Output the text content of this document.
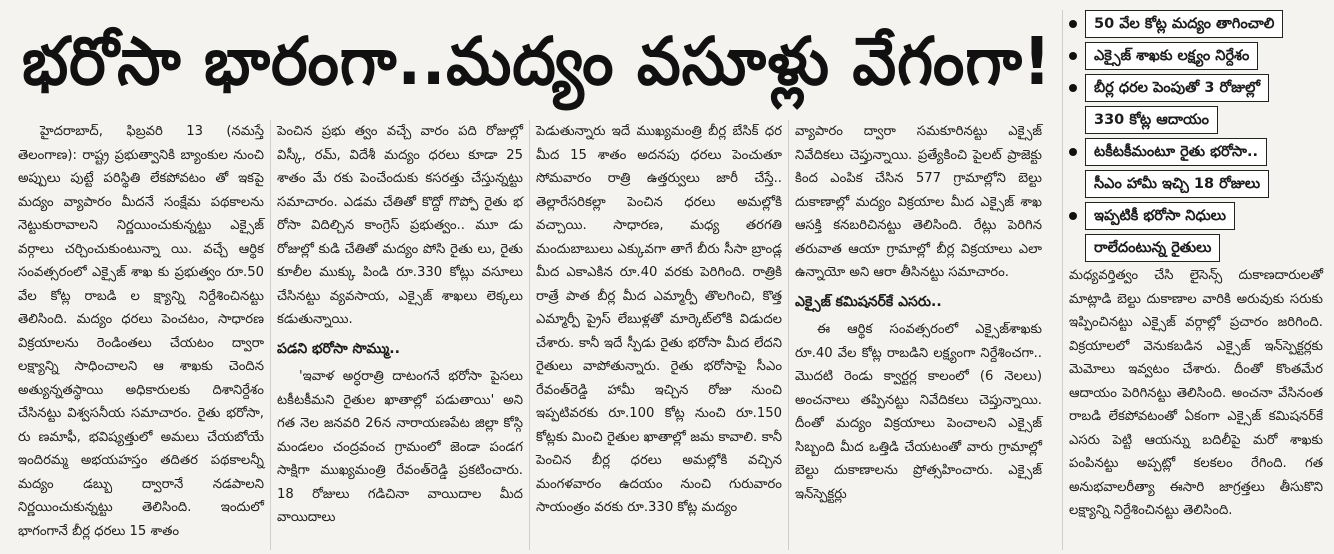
భరోసా భారంగా..మద్యం వసూళ్లు వేగంగా!

హైదరాబాద్, ఫిబ్రవరి 13 (నమస్తే తెలంగాణ): రాష్ట్ర ప్రభుత్వానికి బ్యాంకుల నుంచి అప్పులు పుట్టే పరిస్థితి లేకపోవటం తో ఇకపై మద్యం వ్యాపారం మీదనే సంక్షేమ పథకాలను నెట్టుకురావాలని నిర్ణయించుకున్నట్టు ఎక్సైజ్ వర్గాలు చర్చించుకుంటున్నా యి. వచ్చే ఆర్థిక సంవత్సరంలో ఎక్సైజ్ శాఖ కు ప్రభుత్వం రూ.50 వేల కోట్ల రాబడి ల క్ష్యాన్ని నిర్దేశించినట్టు తెలిసింది. మద్యం ధరలు పెంచటం, సాధారణ విక్రయాలను రెండింతలు చేయటం ద్వారా లక్ష్యాన్ని సాధించాలని ఆ శాఖకు చెందిన అత్యున్నతస్థాయి అధికారులకు దిశానిర్దేశం చేసినట్టు విశ్వసనీయ సమాచారం. రైతు భరోసా, రు ణమాఫీ, భవిష్యత్తులో అమలు చేయబోయే ఇందిరమ్మ అభయహస్తం తదితర పథకాలన్నీ మద్యం డబ్బు ద్వారానే నడపాలని నిర్ణయించుకున్నట్టు తెలిసింది. ఇందులో భాగంగానే బీర్ల ధరలు 15 శాతం

పెంచిన ప్రభు త్వం వచ్చే వారం పది రోజుల్లో విస్కీ, రమ్, విదేశీ మద్యం ధరలు కూడా 25 శాతం మే రకు పెంచేందుకు కసరత్తు చేస్తున్నట్టు సమాచారం. ఎడమ చేతితో కొద్దో గొప్పో రైతు భ రోసా విదిల్చిన కాంగ్రెస్ ప్రభుత్వం.. మూ డు రోజుల్లో కుడి చేతితో మద్యం పోసి రైతు లు, రైతు కూలీల ముక్కు పిండి రూ.330 కోట్లు వసూలు చేసినట్టు వ్యవసాయ, ఎక్సైజ్ శాఖలు లెక్కలు కడుతున్నాయి.

పడని భరోసా సొమ్ము..

'ఇవాళ అర్ధరాత్రి దాటంగనే భరోసా పైసలు టకీటకీమని రైతుల ఖాతాల్లో పడుతాయి' అని గత నెల జనవరి 26న నారాయణపేట జిల్లా కోస్గి మండలం చంద్రవంచ గ్రామంలో జెండా పండగ సాక్షిగా ముఖ్యమంత్రి రేవంత్‌రెడ్డి ప్రకటించారు. 18 రోజులు గడిచినా వాయిదాల మీద వాయిదాలు

పెడుతున్నారు ఇదే ముఖ్యమంత్రి బీర్ల బేసిక్ ధర మీద 15 శాతం అదనపు ధరలు పెంచుతూ సోమవారం రాత్రి ఉత్తర్వులు జారీ చేస్తే.. తెల్లారేసరికల్లా పెంచిన ధరలు అమల్లోకి వచ్చాయి. సాధారణ, మధ్య తరగతి మందుబాబులు ఎక్కువగా తాగే బీరు సీసా బ్రాండ్ల మీద ఎకాఎకిన రూ.40 వరకు పెరిగింది. రాత్రికి రాత్రే పాత బీర్ల మీద ఎమ్మార్పీ తొలగించి, కొత్త ఎమ్మార్పీ ప్రైస్ లేబుళ్లతో మార్కెట్‌లోకి విడుదల చేశారు. కానీ ఇదే స్పీడు రైతు భరోసా మీద లేదని రైతులు వాపోతున్నారు. రైతు భరోసాపై సీఎం రేవంత్‌రెడ్డి హామీ ఇచ్చిన రోజు నుంచి ఇప్పటివరకు రూ.100 కోట్ల నుంచి రూ.150 కోట్లకు మించి రైతుల ఖాతాల్లో జమ కావాలి. కానీ పెంచిన బీర్ల ధరలు అమల్లోకి వచ్చిన మంగళవారం ఉదయం నుంచి గురువారం సాయంత్రం వరకు రూ.330 కోట్ల మద్యం

వ్యాపారం ద్వారా సమకూరినట్టు ఎక్సైజ్ నివేదికలు చెప్తున్నాయి. ప్రత్యేకించి పైలట్ ప్రాజెక్టు కింద ఎంపిక చేసిన 577 గ్రామాల్లోని బెల్టు దుకాణాల్లో మద్యం విక్రయాల మీద ఎక్సైజ్ శాఖ ఆసక్తి కనబరిచినట్టు తెలిసింది. రేట్లు పెరిగిన తరువాత ఆయా గ్రామాల్లో బీర్ల విక్రయాలు ఎలా ఉన్నాయో అని ఆరా తీసినట్టు సమాచారం.

ఎక్సైజ్ కమిషనర్‌కే ఎసరు..

ఈ ఆర్థిక సంవత్సరంలో ఎక్సైజ్‌శాఖకు రూ.40 వేల కోట్ల రాబడిని లక్ష్యంగా నిర్దేశించగా.. మొదటి రెండు క్వార్టర్ల కాలంలో (6 నెలలు) అంచనాలు తప్పినట్టు నివేదికలు చెప్తున్నాయి. దీంతో మద్యం విక్రయాలు పెంచాలని ఎక్సైజ్ సిబ్బంది మీద ఒత్తిడి చేయటంతో వారు గ్రామాల్లో బెల్టు దుకాణాలను ప్రోత్సహించారు. ఎక్సైజ్ ఇన్‌స్పెక్టర్లు

50 వేల కోట్ల మద్యం తాగించాలి
ఎక్సైజ్ శాఖకు లక్ష్యం నిర్దేశం
బీర్ల ధరల పెంపుతో 3 రోజుల్లో
330 కోట్ల ఆదాయం
టకీటకీమంటూ రైతు భరోసా..
సీఎం హామీ ఇచ్చి 18 రోజులు
ఇప్పటికీ భరోసా నిధులు
రాలేదంటున్న రైతులు

మధ్యవర్తిత్వం చేసి లైసెన్స్ దుకాణదారులతో మాట్లాడి బెల్టు దుకాణాల వారికి అరువుకు సరుకు ఇప్పించినట్టు ఎక్సైజ్ వర్గాల్లో ప్రచారం జరిగింది. విక్రయాలలో వెనుకబడిన ఎక్సైజ్ ఇన్‌స్పెక్టర్లకు మెమోలు ఇవ్వటం చేశారు. దీంతో కొంతమేర ఆదాయం పెరిగినట్టు తెలిసింది. అంచనా వేసినంత రాబడి లేకపోవటంతో ఏకంగా ఎక్సైజ్ కమిషనర్‌కే ఎసరు పెట్టి ఆయన్ను బదిలీపై మరో శాఖకు పంపినట్టు అప్పట్లో కలకలం రేగింది. గత అనుభవాలరీత్యా ఈసారి జాగ్రత్తలు తీసుకొని లక్ష్యాన్ని నిర్దేశించినట్టు తెలిసింది.
